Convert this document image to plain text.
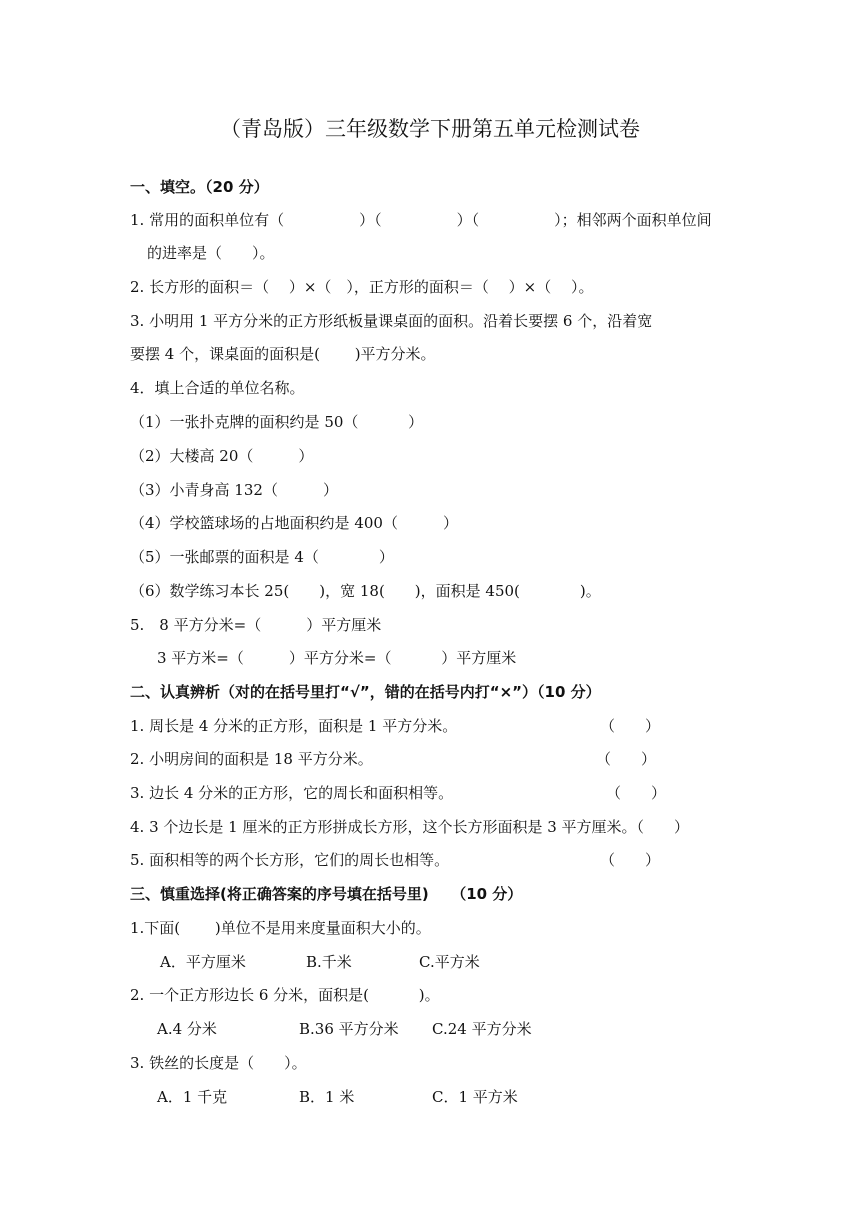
（青岛版）三年级数学下册第五单元检测试卷
一、填空。（20 分）
1. 常用的面积单位有（　　　　　）（　　　　　）（　　　　　）；相邻两个面积单位间
的进率是（　　）。
2. 长方形的面积＝（　 ）×（　），正方形的面积＝（　 ）×（　 ）。
3. 小明用 1 平方分米的正方形纸板量课桌面的面积。沿着长要摆 6 个，沿着宽
要摆 4 个，课桌面的面积是(　　 )平方分米。
4．填上合适的单位名称。
（1）一张扑克牌的面积约是 50（　　　 ）
（2）大楼高 20（　　　）
（3）小青身高 132（　　　）
（4）学校篮球场的占地面积约是 400（　　　）
（5）一张邮票的面积是 4（　　　　）
（6）数学练习本长 25(　　)，宽 18(　　)，面积是 450(　　　　)。
5.　8 平方分米=（　　　）平方厘米
3 平方米=（　　　）平方分米=（　　　 ）平方厘米
二、认真辨析（对的在括号里打“√”，错的在括号内打“×”）（10 分）
1. 周长是 4 分米的正方形，面积是 1 平方分米。	（　　）
2. 小明房间的面积是 18 平方分米。	（　　）
3. 边长 4 分米的正方形，它的周长和面积相等。	（　　）
4. 3 个边长是 1 厘米的正方形拼成长方形，这个长方形面积是 3 平方厘米。（　　）
5. 面积相等的两个长方形，它们的周长也相等。	（　　）
三、慎重选择(将正确答案的序号填在括号里)　　（10 分）
1.下面(　　 )单位不是用来度量面积大小的。
A．平方厘米	B.千米	C.平方米
2. 一个正方形边长 6 分米，面积是(　　　 )。
A.4 分米	B.36 平方分米 C.24 平方分米
3. 铁丝的长度是（　　）。
A．1 千克	B．1 米	C．1 平方米
